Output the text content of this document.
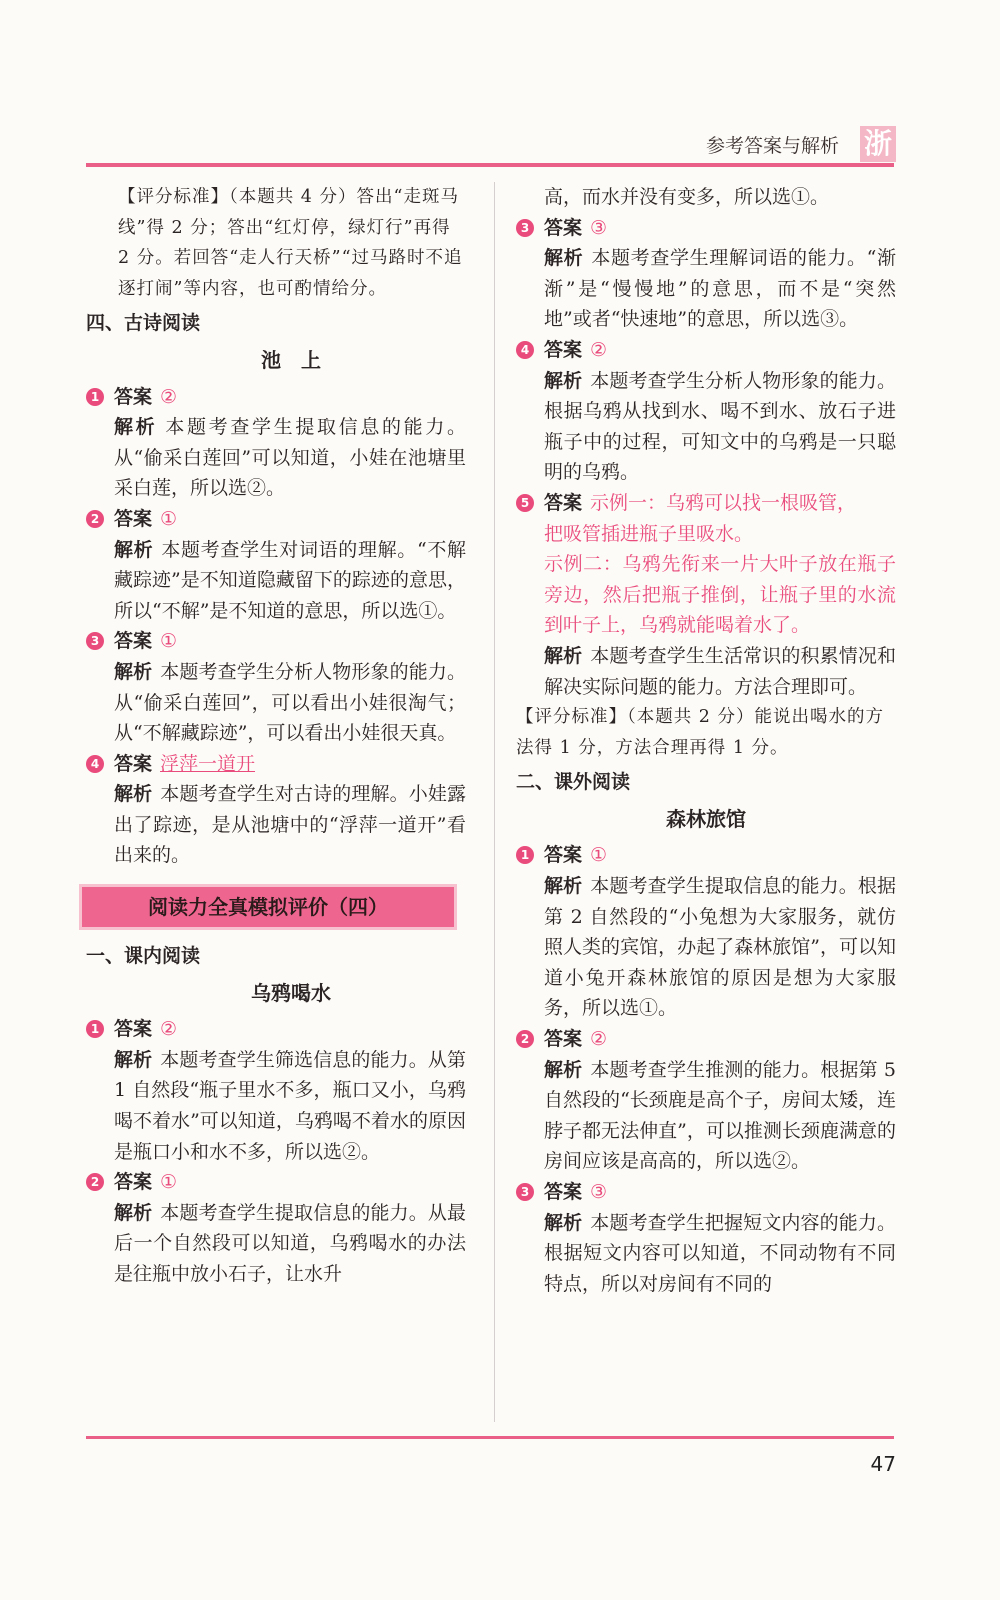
参考答案与解析 浙

【评分标准】（本题共 4 分）答出“走斑马线”得 2 分；答出“红灯停，绿灯行”再得 2 分。若回答“走人行天桥”“过马路时不追逐打闹”等内容，也可酌情给分。

四、古诗阅读
池　上
1 答案 ②

解析 本题考查学生提取信息的能力。从“偷采白莲回”可以知道，小娃在池塘里采白莲，所以选②。

2 答案 ①

解析 本题考查学生对词语的理解。“不解藏踪迹”是不知道隐藏留下的踪迹的意思，所以“不解”是不知道的意思，所以选①。

3 答案 ①

解析 本题考查学生分析人物形象的能力。从“偷采白莲回”，可以看出小娃很淘气；从“不解藏踪迹”，可以看出小娃很天真。

4 答案 浮萍一道开

解析 本题考查学生对古诗的理解。小娃露出了踪迹，是从池塘中的“浮萍一道开”看出来的。

阅读力全真模拟评价（四）
一、课内阅读
乌鸦喝水
1 答案 ②

解析 本题考查学生筛选信息的能力。从第 1 自然段“瓶子里水不多，瓶口又小，乌鸦喝不着水”可以知道，乌鸦喝不着水的原因是瓶口小和水不多，所以选②。

2 答案 ①

解析 本题考查学生提取信息的能力。从最后一个自然段可以知道，乌鸦喝水的办法是往瓶中放小石子，让水升

高，而水并没有变多，所以选①。

3 答案 ③

解析 本题考查学生理解词语的能力。“渐渐”是“慢慢地”的意思，而不是“突然地”或者“快速地”的意思，所以选③。

4 答案 ②

解析 本题考查学生分析人物形象的能力。根据乌鸦从找到水、喝不到水、放石子进瓶子中的过程，可知文中的乌鸦是一只聪明的乌鸦。

5 答案 示例一：乌鸦可以找一根吸管，

把吸管插进瓶子里吸水。

示例二：乌鸦先衔来一片大叶子放在瓶子旁边，然后把瓶子推倒，让瓶子里的水流到叶子上，乌鸦就能喝着水了。

解析 本题考查学生生活常识的积累情况和解决实际问题的能力。方法合理即可。

【评分标准】（本题共 2 分）能说出喝水的方法得 1 分，方法合理再得 1 分。

二、课外阅读
森林旅馆
1 答案 ①

解析 本题考查学生提取信息的能力。根据第 2 自然段的“小兔想为大家服务，就仿照人类的宾馆，办起了森林旅馆”，可以知道小兔开森林旅馆的原因是想为大家服务，所以选①。

2 答案 ②

解析 本题考查学生推测的能力。根据第 5 自然段的“长颈鹿是高个子，房间太矮，连脖子都无法伸直”，可以推测长颈鹿满意的房间应该是高高的，所以选②。

3 答案 ③

解析 本题考查学生把握短文内容的能力。根据短文内容可以知道，不同动物有不同特点，所以对房间有不同的

47
